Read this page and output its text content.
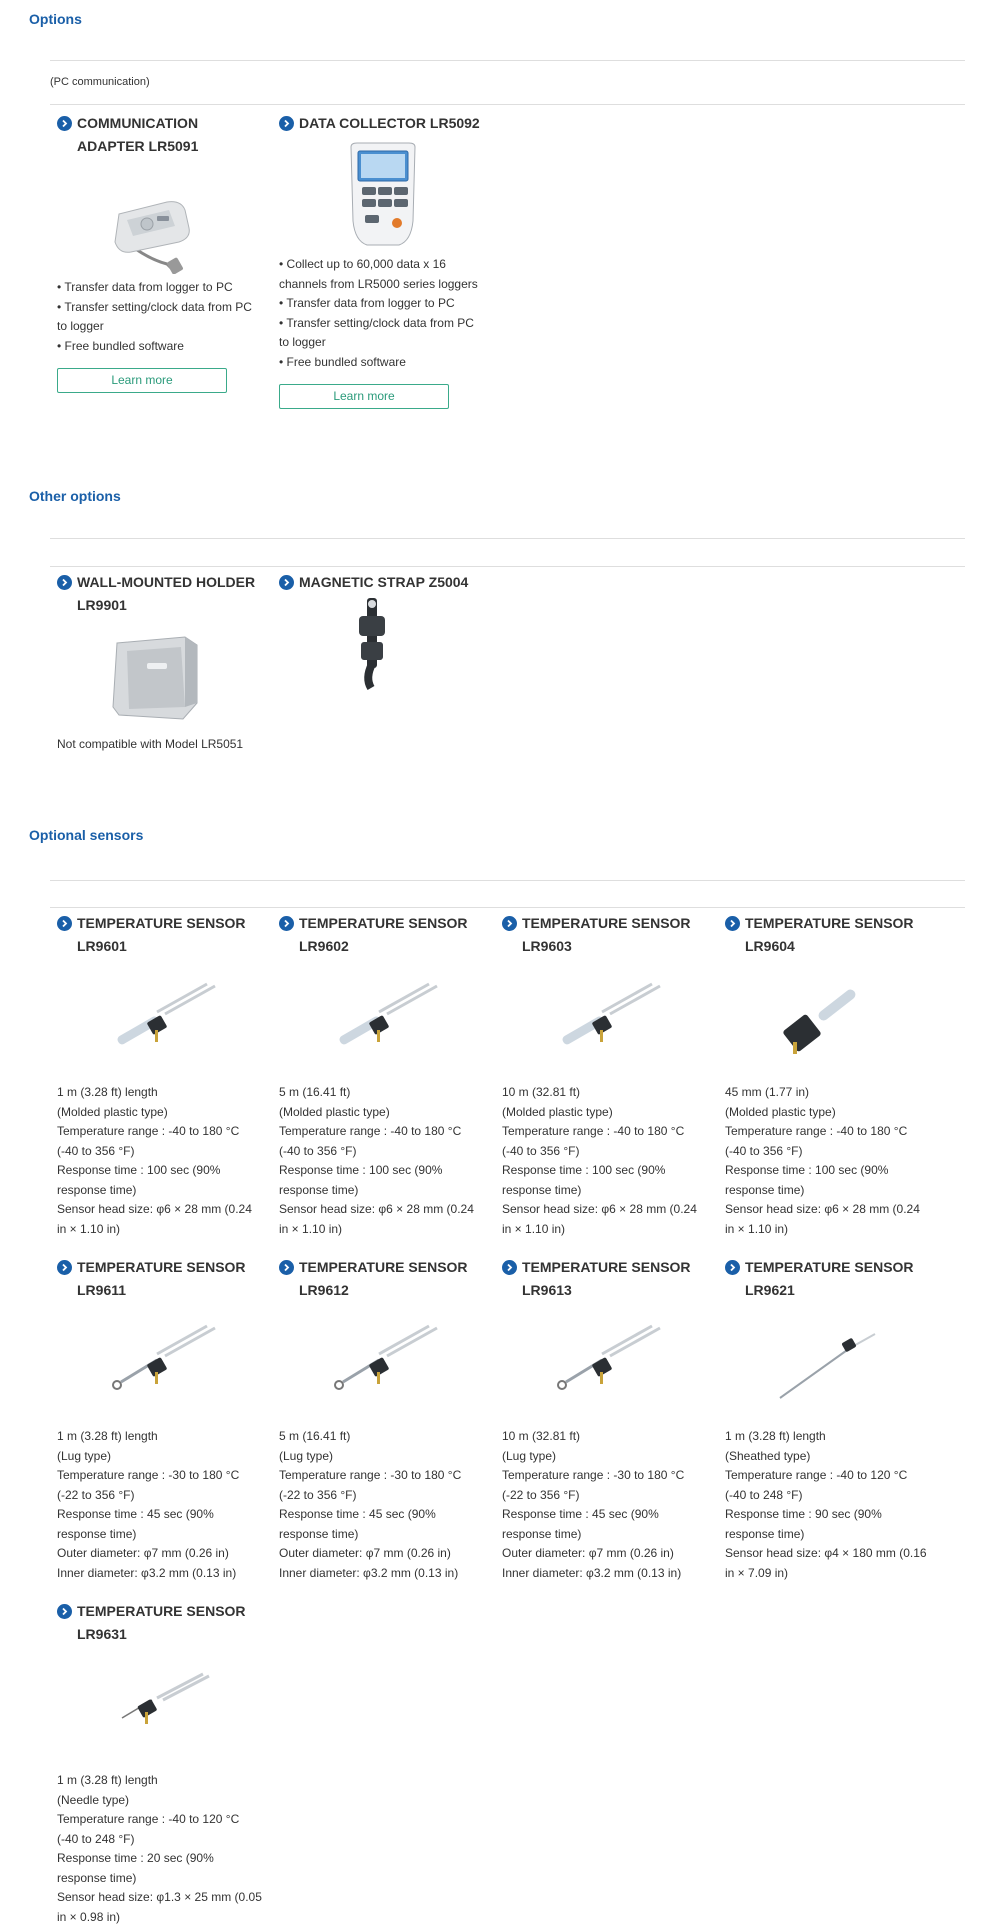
Options
(PC communication)
COMMUNICATION ADAPTER LR5091
• Transfer data from logger to PC
• Transfer setting/clock data from PC to logger
• Free bundled software
Learn more
DATA COLLECTOR LR5092
• Collect up to 60,000 data x 16 channels from LR5000 series loggers
• Transfer data from logger to PC
• Transfer setting/clock data from PC to logger
• Free bundled software
Learn more
Other options
WALL-MOUNTED HOLDER LR9901
Not compatible with Model LR5051
MAGNETIC STRAP Z5004
Optional sensors
TEMPERATURE SENSOR LR9601
1 m (3.28 ft) length
(Molded plastic type)
Temperature range : -40 to 180 °C (-40 to 356 °F)
Response time : 100 sec (90% response time)
Sensor head size: φ6 × 28 mm (0.24 in × 1.10 in)
TEMPERATURE SENSOR LR9602
5 m (16.41 ft)
(Molded plastic type)
Temperature range : -40 to 180 °C (-40 to 356 °F)
Response time : 100 sec (90% response time)
Sensor head size: φ6 × 28 mm (0.24 in × 1.10 in)
TEMPERATURE SENSOR LR9603
10 m (32.81 ft)
(Molded plastic type)
Temperature range : -40 to 180 °C (-40 to 356 °F)
Response time : 100 sec (90% response time)
Sensor head size: φ6 × 28 mm (0.24 in × 1.10 in)
TEMPERATURE SENSOR LR9604
45 mm (1.77 in)
(Molded plastic type)
Temperature range : -40 to 180 °C (-40 to 356 °F)
Response time : 100 sec (90% response time)
Sensor head size: φ6 × 28 mm (0.24 in × 1.10 in)
TEMPERATURE SENSOR LR9611
1 m (3.28 ft) length
(Lug type)
Temperature range : -30 to 180 °C (-22 to 356 °F)
Response time : 45 sec (90% response time)
Outer diameter: φ7 mm (0.26 in)
Inner diameter: φ3.2 mm (0.13 in)
TEMPERATURE SENSOR LR9612
5 m (16.41 ft)
(Lug type)
Temperature range : -30 to 180 °C (-22 to 356 °F)
Response time : 45 sec (90% response time)
Outer diameter: φ7 mm (0.26 in)
Inner diameter: φ3.2 mm (0.13 in)
TEMPERATURE SENSOR LR9613
10 m (32.81 ft)
(Lug type)
Temperature range : -30 to 180 °C (-22 to 356 °F)
Response time : 45 sec (90% response time)
Outer diameter: φ7 mm (0.26 in)
Inner diameter: φ3.2 mm (0.13 in)
TEMPERATURE SENSOR LR9621
1 m (3.28 ft) length
(Sheathed type)
Temperature range : -40 to 120 °C (-40 to 248 °F)
Response time : 90 sec (90% response time)
Sensor head size: φ4 × 180 mm (0.16 in × 7.09 in)
TEMPERATURE SENSOR LR9631
1 m (3.28 ft) length
(Needle type)
Temperature range : -40 to 120 °C (-40 to 248 °F)
Response time : 20 sec (90% response time)
Sensor head size: φ1.3 × 25 mm (0.05 in × 0.98 in)
